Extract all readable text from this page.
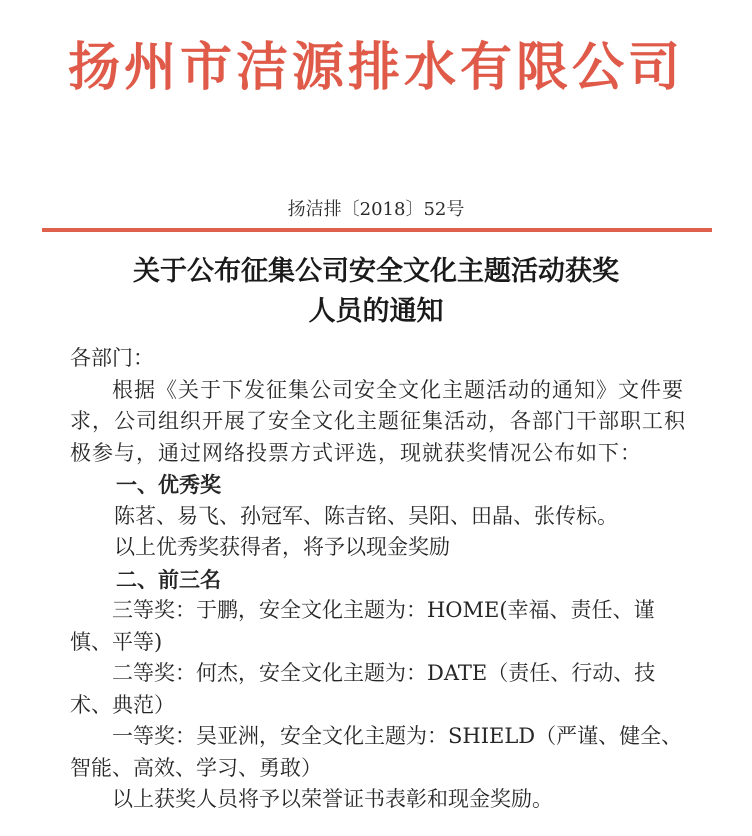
扬州市洁源排水有限公司
扬洁排〔2018〕52号
关于公布征集公司安全文化主题活动获奖
人员的通知

各部门：

根据《关于下发征集公司安全文化主题活动的通知》文件要求，公司组织开展了安全文化主题征集活动，各部门干部职工积极参与，通过网络投票方式评选，现就获奖情况公布如下：

一、优秀奖

陈茗、易飞、孙冠军、陈吉铭、吴阳、田晶、张传标。

以上优秀奖获得者，将予以现金奖励

二、前三名

三等奖：于鹏，安全文化主题为：HOME(幸福、责任、谨慎、平等)

二等奖：何杰，安全文化主题为：DATE（责任、行动、技术、典范）

一等奖：吴亚洲，安全文化主题为：SHIELD（严谨、健全、智能、高效、学习、勇敢）

以上获奖人员将予以荣誉证书表彰和现金奖励。
